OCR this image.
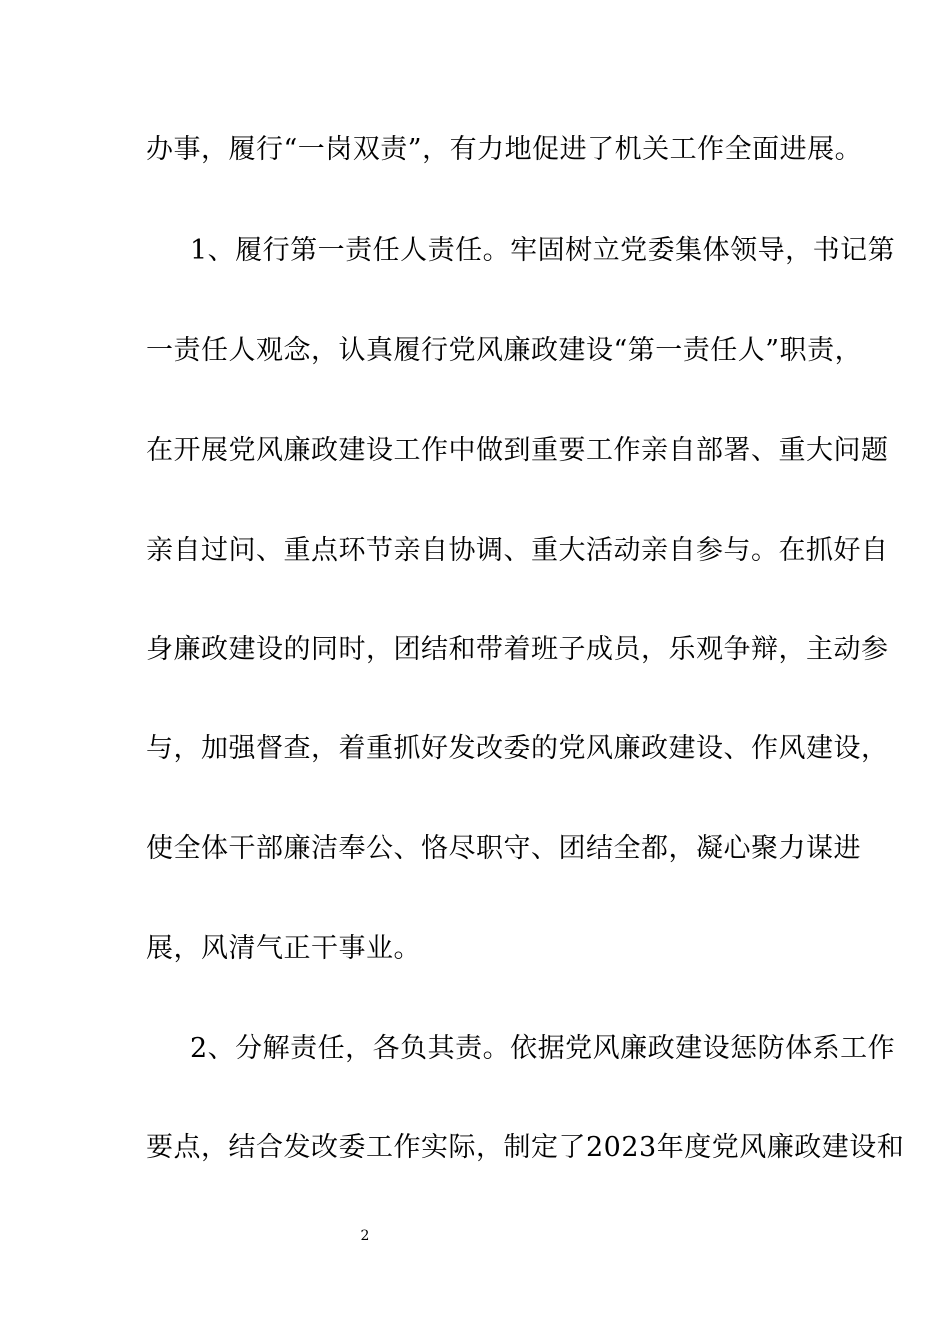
办事，履行“一岗双责”，有力地促进了机关工作全面进展。
1、履行第一责任人责任。牢固树立党委集体领导，书记第
一责任人观念，认真履行党风廉政建设“第一责任人”职责，
在开展党风廉政建设工作中做到重要工作亲自部署、重大问题
亲自过问、重点环节亲自协调、重大活动亲自参与。在抓好自
身廉政建设的同时，团结和带着班子成员，乐观争辩，主动参
与，加强督查，着重抓好发改委的党风廉政建设、作风建设，
使全体干部廉洁奉公、恪尽职守、团结全都，凝心聚力谋进
展，风清气正干事业。
2、分解责任，各负其责。依据党风廉政建设惩防体系工作
要点，结合发改委工作实际，制定了2023年度党风廉政建设和
2
